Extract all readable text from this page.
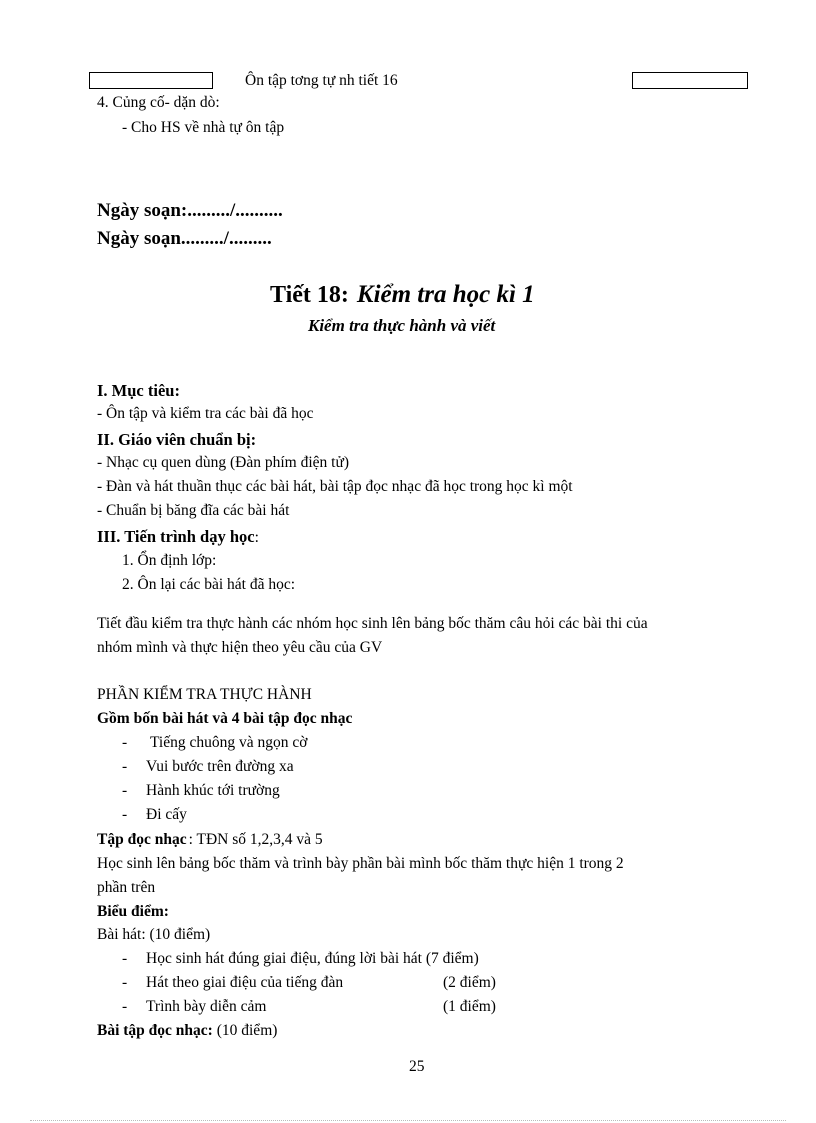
Ôn tập tơng tự nh tiết 16
4. Củng cố- dặn dò:
- Cho HS về nhà tự ôn tập
Ngày soạn:........./..........
Ngày soạn........./.........
Tiết 18: Kiểm tra học kì 1
Kiểm tra thực hành và viết
I. Mục tiêu:
- Ôn tập và kiểm tra các bài đã học
II. Giáo viên chuẩn bị:
- Nhạc cụ quen dùng (Đàn phím điện tử)
- Đàn và hát thuần thục các bài hát, bài tập đọc nhạc đã học trong học kì một
- Chuẩn bị băng đĩa các bài hát
III. Tiến trình dạy học:
1. Ổn định lớp:
2. Ôn lại các bài hát đã học:
Tiết đầu kiểm tra thực hành các nhóm học sinh lên bảng bốc thăm câu hỏi các bài thi của
nhóm mình và thực hiện theo yêu cầu của GV
PHẦN KIỂM TRA THỰC HÀNH
Gồm bốn bài hát và 4 bài tập đọc nhạc
- Tiếng chuông và ngọn cờ
- Vui bước trên đường xa
- Hành khúc tới trường
- Đi cấy
Tập đọc nhạc : TĐN số 1,2,3,4 và 5
Học sinh lên bảng bốc thăm và trình bày phần bài mình bốc thăm thực hiện 1 trong 2
phần trên
Biểu điểm:
Bài hát: (10 điểm)
- Học sinh hát đúng giai điệu, đúng lời bài hát (7 điểm)
- Hát theo giai điệu của tiếng đàn	(2 điểm)
- Trình bày diễn cảm	(1 điểm)
Bài tập đọc nhạc: (10 điểm)
25
